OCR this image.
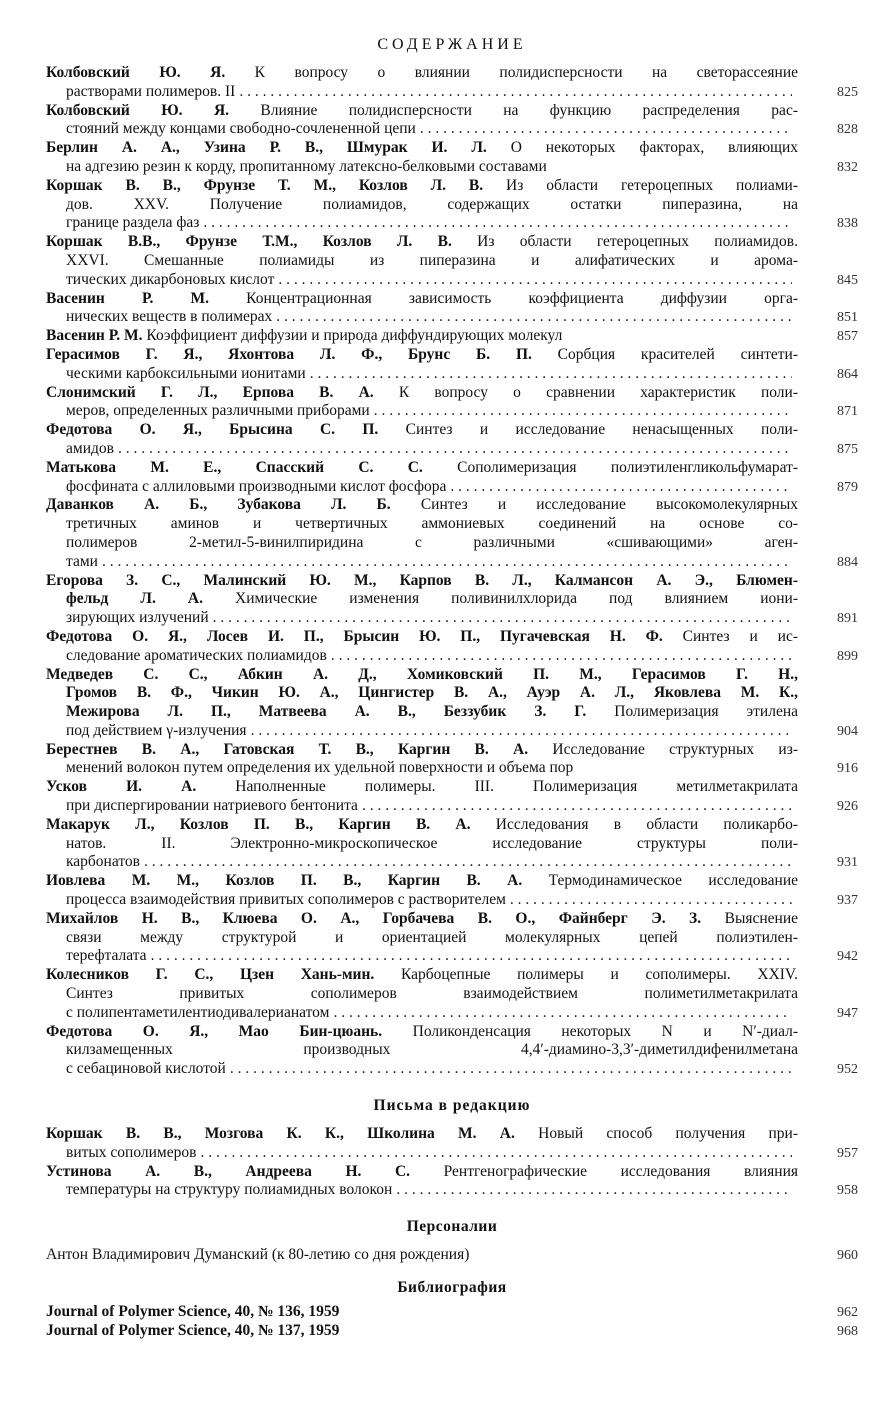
СОДЕРЖАНИЕ
Колбовский Ю. Я. К вопросу о влиянии полидисперсности на светорассеяние
растворами полимеров. II . . .	825
Колбовский Ю. Я. Влияние полидисперсности на функцию распределения рас-
стояний между концами свободно-сочлененной цепи . . .	828
Берлин А. А., Узина Р. В., Шмурак И. Л. О некоторых факторах, влияющих
на адгезию резин к корду, пропитанному латексно-белковыми составами	832
Коршак В. В., Фрунзе Т. М., Козлов Л. В. Из области гетероцепных полиами-
дов. XXV. Получение полиамидов, содержащих остатки пиперазина, на
границе раздела фаз . . .	838
Коршак В.В., Фрунзе Т.М., Козлов Л. В. Из области гетероцепных полиамидов.
XXVI. Смешанные полиамиды из пиперазина и алифатических и арома-
тических дикарбоновых кислот . . .	845
Васенин Р. М. Концентрационная зависимость коэффициента диффузии орга-
нических веществ в полимерах . . .	851
Васенин Р. М. Коэффициент диффузии и природа диффундирующих молекул	857
Герасимов Г. Я., Яхонтова Л. Ф., Брунс Б. П. Сорбция красителей синтети-
ческими карбоксильными ионитами . . .	864
Слонимский Г. Л., Ерпова В. А. К вопросу о сравнении характеристик поли-
меров, определенных различными приборами . . .	871
Федотова О. Я., Брысина С. П. Синтез и исследование ненасыщенных поли-
амидов . . .	875
Матькова М. Е., Спасский С. С. Сополимеризация полиэтиленгликольфумарат-
фосфината с аллиловыми производными кислот фосфора . . .	879
Даванков А. Б., Зубакова Л. Б. Синтез и исследование высокомолекулярных
третичных аминов и четвертичных аммониевых соединений на основе со-
полимеров 2-метил-5-винилпиридина с различными «сшивающими» аген-
тами . . .	884
Егорова З. С., Малинский Ю. М., Карпов В. Л., Калмансон А. Э., Блюмен-
фельд Л. А. Химические изменения поливинилхлорида под влиянием иони-
зирующих излучений . . .	891
Федотова О. Я., Лосев И. П., Брысин Ю. П., Пугачевская Н. Ф. Синтез и ис-
следование ароматических полиамидов . . .	899
Медведев С. С., Абкин А. Д., Хомиковский П. М., Герасимов Г. Н.,
Громов В. Ф., Чикин Ю. А., Цингистер В. А., Ауэр А. Л., Яковлева М. К.,
Межирова Л. П., Матвеева А. В., Беззубик З. Г. Полимеризация этилена
под действием γ-излучения . . .	904
Берестнев В. А., Гатовская Т. В., Каргин В. А. Исследование структурных из-
менений волокон путем определения их удельной поверхности и объема пор	916
Усков И. А. Наполненные полимеры. III. Полимеризация метилметакрилата
при диспергировании натриевого бентонита . . .	926
Макарук Л., Козлов П. В., Каргин В. А. Исследования в области поликарбо-
натов. II. Электронно-микроскопическое исследование структуры поли-
карбонатов . . .	931
Иовлева М. М., Козлов П. В., Каргин В. А. Термодинамическое исследование
процесса взаимодействия привитых сополимеров с растворителем . . .	937
Михайлов Н. В., Клюева О. А., Горбачева В. О., Файнберг Э. З. Выяснение
связи между структурой и ориентацией молекулярных цепей полиэтилен-
терефталата . . .	942
Колесников Г. С., Цзен Хань-мин. Карбоцепные полимеры и сополимеры. XXIV.
Синтез привитых сополимеров взаимодействием полиметилметакрилата
с полипентаметилентиодивалерианатом . . .	947
Федотова О. Я., Мао Бин-цюань. Поликонденсация некоторых N и N′-диал-
килзамещенных производных 4,4′-диамино-3,3′-диметилдифенилметана
с себациновой кислотой . . .	952
Письма в редакцию
Коршак В. В., Мозгова К. К., Школина М. А. Новый способ получения при-
витых сополимеров . . .	957
Устинова А. В., Андреева Н. С. Рентгенографические исследования влияния
температуры на структуру полиамидных волокон . . .	958
Персоналии
Антон Владимирович Думанский (к 80-летию со дня рождения)	960
Библиография
Journal of Polymer Scienсe, 40, № 136, 1959	962
Journal of Polymer Scienсe, 40, № 137, 1959	968
